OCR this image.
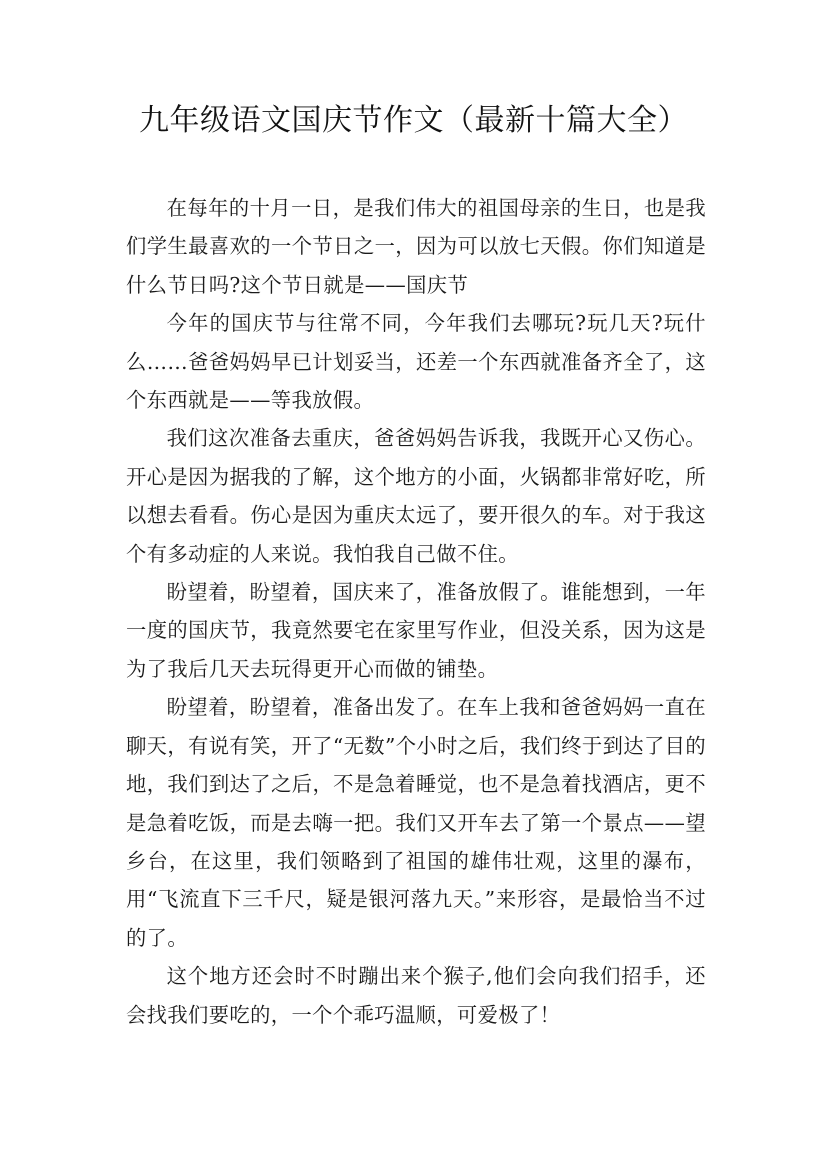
九年级语文国庆节作文（最新十篇大全）

在每年的十月一日，是我们伟大的祖国母亲的生日，也是我们学生最喜欢的一个节日之一，因为可以放七天假。你们知道是什么节日吗?这个节日就是——国庆节

今年的国庆节与往常不同，今年我们去哪玩?玩几天?玩什么……爸爸妈妈早已计划妥当，还差一个东西就准备齐全了，这个东西就是——等我放假。

我们这次准备去重庆，爸爸妈妈告诉我，我既开心又伤心。开心是因为据我的了解，这个地方的小面，火锅都非常好吃，所以想去看看。伤心是因为重庆太远了，要开很久的车。对于我这个有多动症的人来说。我怕我自己做不住。

盼望着，盼望着，国庆来了，准备放假了。谁能想到，一年一度的国庆节，我竟然要宅在家里写作业，但没关系，因为这是为了我后几天去玩得更开心而做的铺垫。

盼望着，盼望着，准备出发了。在车上我和爸爸妈妈一直在聊天，有说有笑，开了“无数”个小时之后，我们终于到达了目的地，我们到达了之后，不是急着睡觉，也不是急着找酒店，更不是急着吃饭，而是去嗨一把。我们又开车去了第一个景点——望乡台，在这里，我们领略到了祖国的雄伟壮观，这里的瀑布，用“飞流直下三千尺，疑是银河落九天。”来形容，是最恰当不过的了。

这个地方还会时不时蹦出来个猴子,他们会向我们招手，还会找我们要吃的，一个个乖巧温顺，可爱极了！
